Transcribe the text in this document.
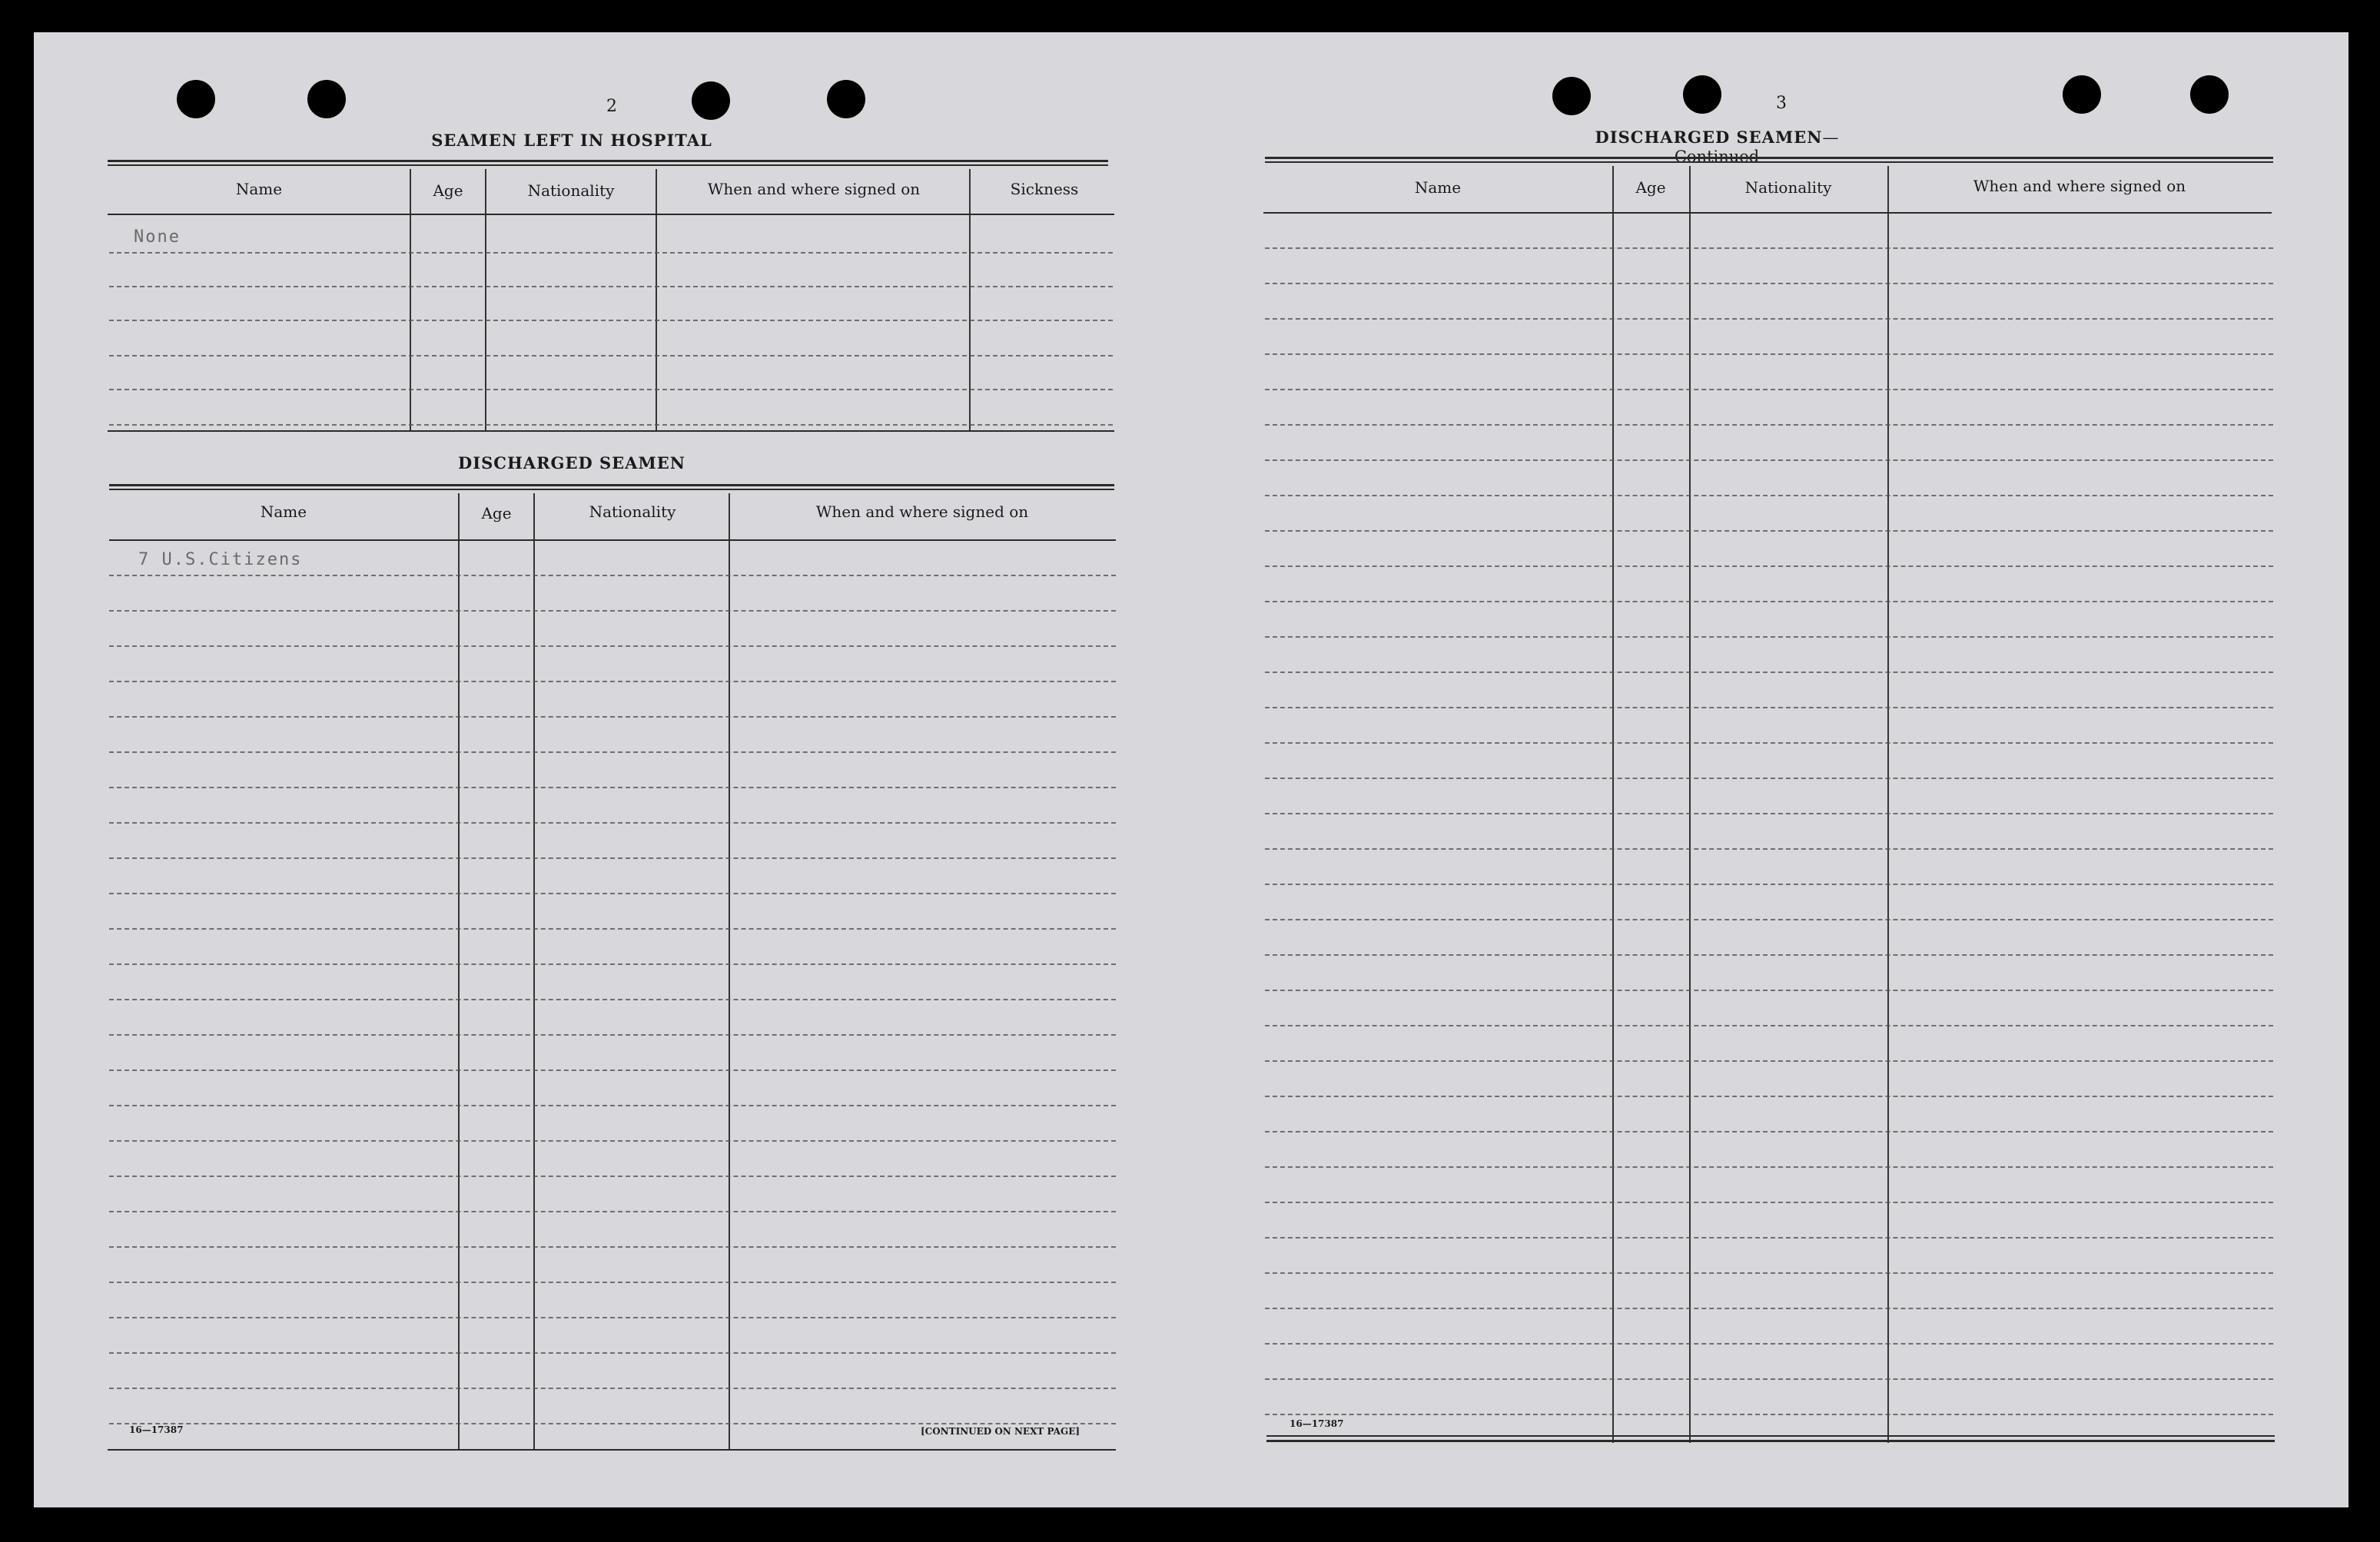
2
SEAMEN LEFT IN HOSPITAL
Name	Age	Nationality	When and where signed on	Sickness
None
DISCHARGED SEAMEN
Name	Age	Nationality	When and where signed on
7 U.S.Citizens
16—17387	[CONTINUED ON NEXT PAGE]
3
DISCHARGED SEAMEN—Continued
Name	Age	Nationality	When and where signed on
16—17387
